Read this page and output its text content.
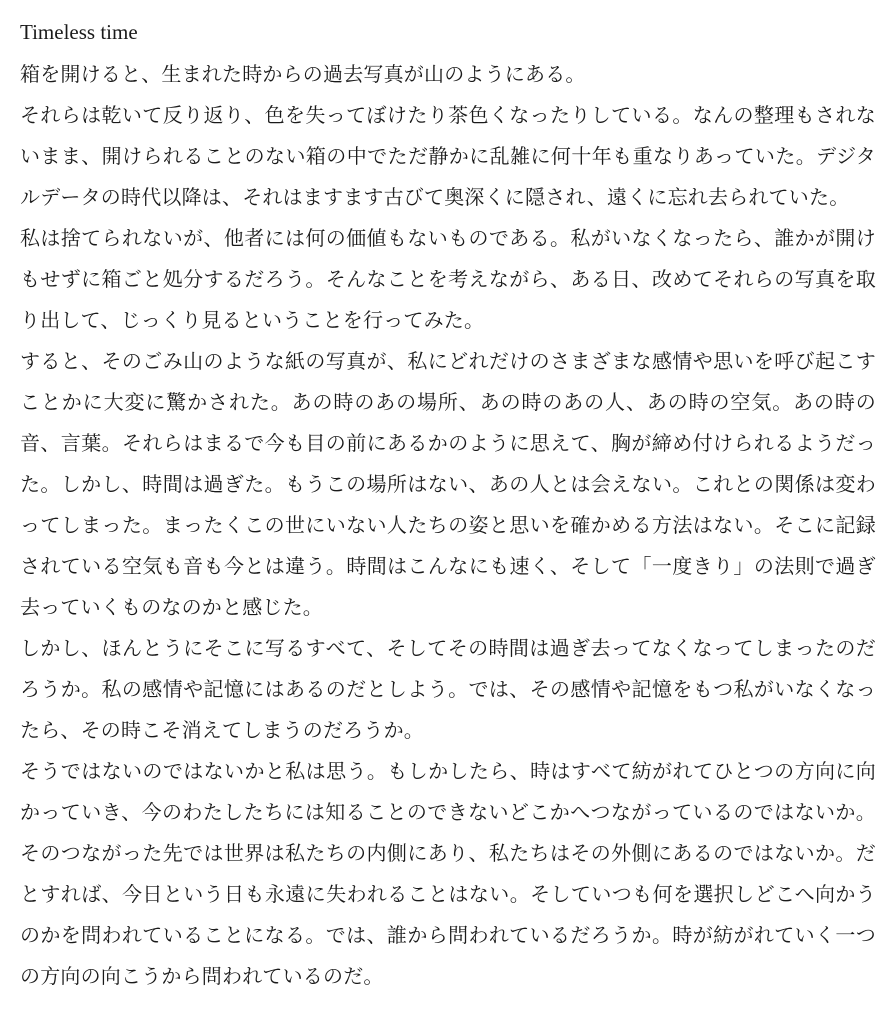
Timeless time

箱を開けると、生まれた時からの過去写真が山のようにある。

それらは乾いて反り返り、色を失ってぼけたり茶色くなったりしている。なんの整理もされないまま、開けられることのない箱の中でただ静かに乱雑に何十年も重なりあっていた。デジタルデータの時代以降は、それはますます古びて奥深くに隠され、遠くに忘れ去られていた。

私は捨てられないが、他者には何の価値もないものである。私がいなくなったら、誰かが開けもせずに箱ごと処分するだろう。そんなことを考えながら、ある日、改めてそれらの写真を取り出して、じっくり見るということを行ってみた。

すると、そのごみ山のような紙の写真が、私にどれだけのさまざまな感情や思いを呼び起こすことかに大変に驚かされた。あの時のあの場所、あの時のあの人、あの時の空気。あの時の音、言葉。それらはまるで今も目の前にあるかのように思えて、胸が締め付けられるようだった。しかし、時間は過ぎた。もうこの場所はない、あの人とは会えない。これとの関係は変わってしまった。まったくこの世にいない人たちの姿と思いを確かめる方法はない。そこに記録されている空気も音も今とは違う。時間はこんなにも速く、そして「一度きり」の法則で過ぎ去っていくものなのかと感じた。

しかし、ほんとうにそこに写るすべて、そしてその時間は過ぎ去ってなくなってしまったのだろうか。私の感情や記憶にはあるのだとしよう。では、その感情や記憶をもつ私がいなくなったら、その時こそ消えてしまうのだろうか。

そうではないのではないかと私は思う。もしかしたら、時はすべて紡がれてひとつの方向に向かっていき、今のわたしたちには知ることのできないどこかへつながっているのではないか。そのつながった先では世界は私たちの内側にあり、私たちはその外側にあるのではないか。だとすれば、今日という日も永遠に失われることはない。そしていつも何を選択しどこへ向かうのかを問われていることになる。では、誰から問われているだろうか。時が紡がれていく一つの方向の向こうから問われているのだ。
